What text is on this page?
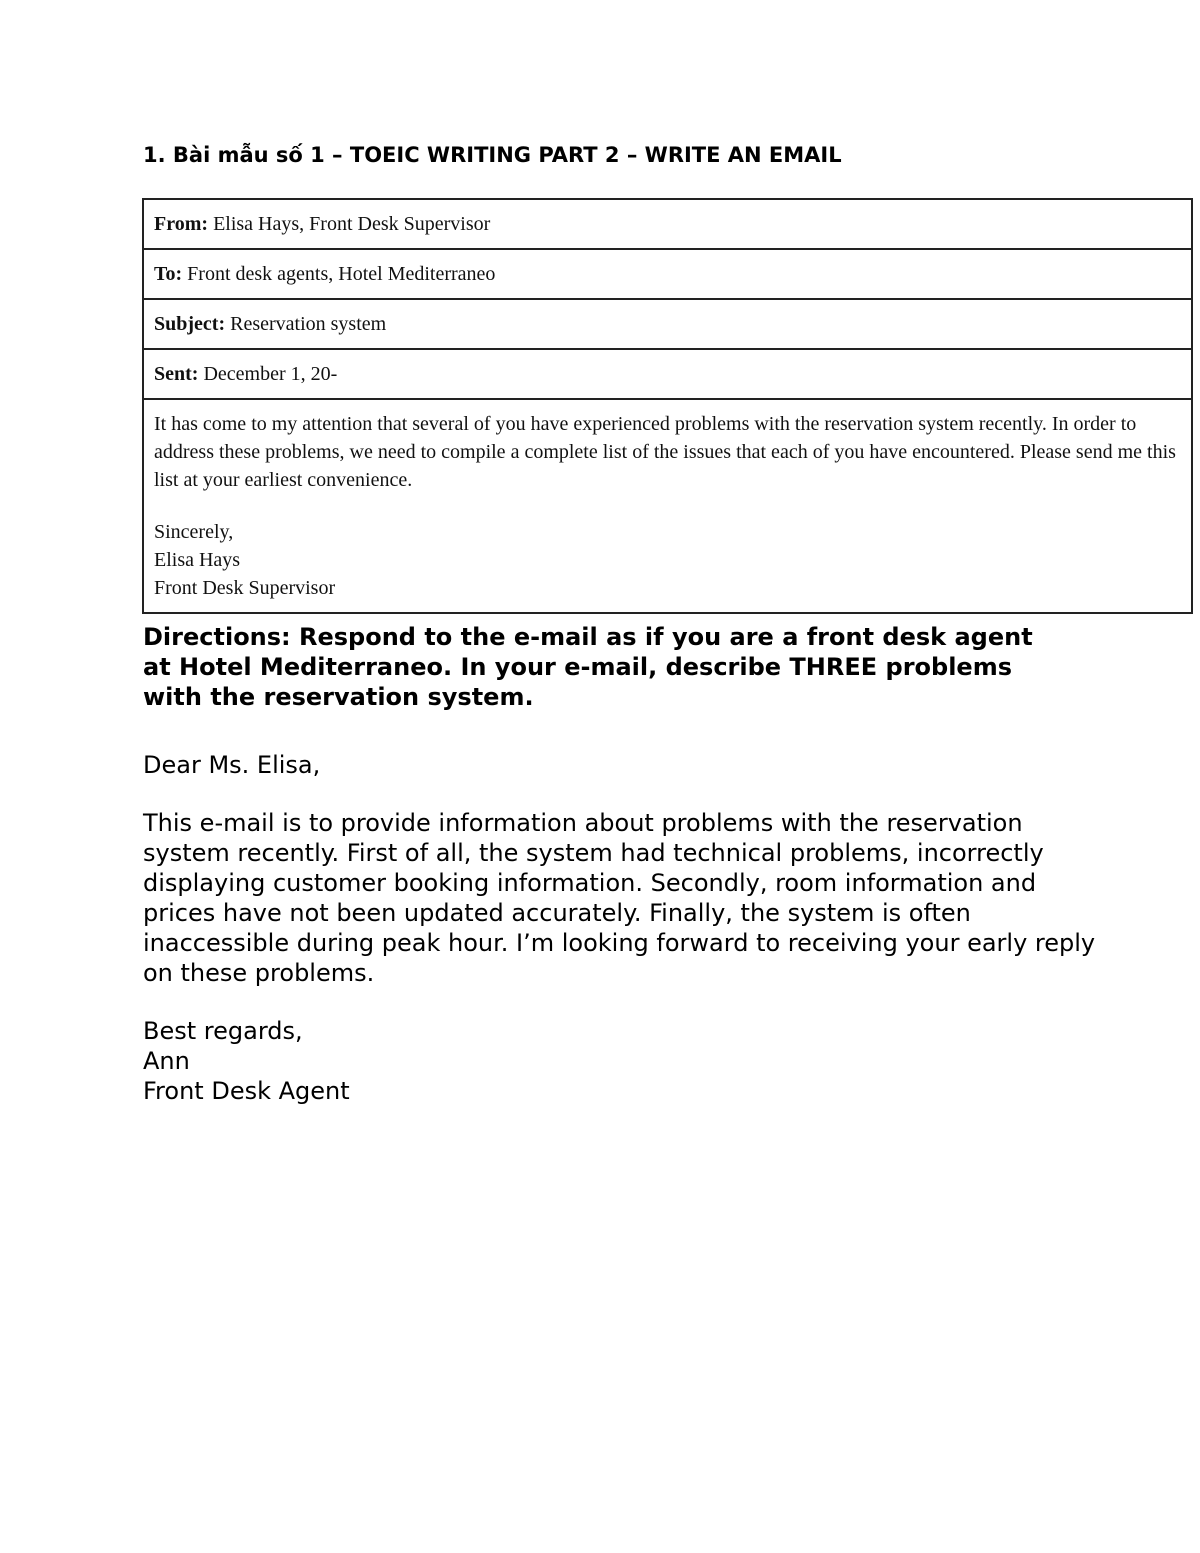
1. Bài mẫu số 1 – TOEIC WRITING PART 2 – WRITE AN EMAIL
From: Elisa Hays, Front Desk Supervisor
To: Front desk agents, Hotel Mediterraneo
Subject: Reservation system
Sent: December 1, 20-

It has come to my attention that several of you have experienced problems with the reservation system recently. In order to address these problems, we need to compile a complete list of the issues that each of you have encountered. Please send me this list at your earliest convenience.

Sincerely,

Elisa Hays

Front Desk Supervisor

Directions: Respond to the e-mail as if you are a front desk agent at Hotel Mediterraneo. In your e-mail, describe THREE problems with the reservation system.

Dear Ms. Elisa,

This e-mail is to provide information about problems with the reservation system recently. First of all, the system had technical problems, incorrectly displaying customer booking information. Secondly, room information and prices have not been updated accurately. Finally, the system is often inaccessible during peak hour. I’m looking forward to receiving your early reply on these problems.

Best regards,

Ann

Front Desk Agent
